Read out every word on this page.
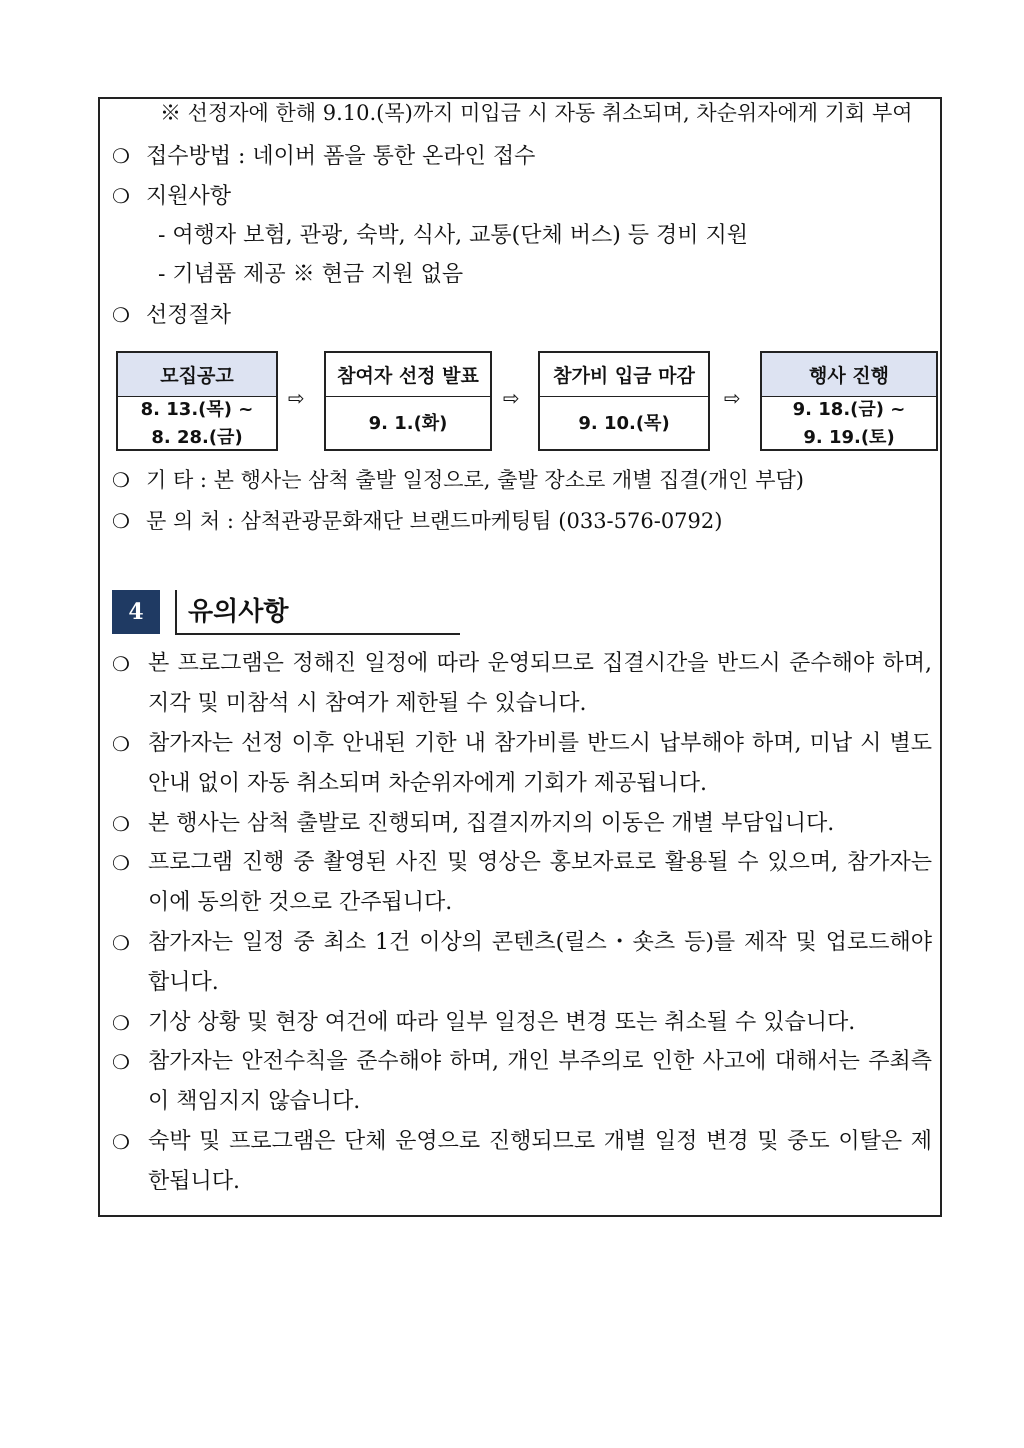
※ 선정자에 한해 9.10.(목)까지 미입금 시 자동 취소되며, 차순위자에게 기회 부여
❍ 접수방법 : 네이버 폼을 통한 온라인 접수
❍ 지원사항
- 여행자 보험, 관광, 숙박, 식사, 교통(단체 버스) 등 경비 지원
- 기념품 제공 ※ 현금 지원 없음
❍ 선정절차
모집공고
8. 13.(목) ~
8. 28.(금)
⇨
참여자 선정 발표
9. 1.(화)
⇨
참가비 입금 마감
9. 10.(목)
⇨
행사 진행
9. 18.(금) ~
9. 19.(토)
❍ 기 타 : 본 행사는 삼척 출발 일정으로, 출발 장소로 개별 집결(개인 부담)
❍ 문 의 처 : 삼척관광문화재단 브랜드마케팅팀 (033-576-0792)
4	유의사항
❍ 본 프로그램은 정해진 일정에 따라 운영되므로 집결시간을 반드시 준수해야 하며, 지각 및 미참석 시 참여가 제한될 수 있습니다.
❍ 참가자는 선정 이후 안내된 기한 내 참가비를 반드시 납부해야 하며, 미납 시 별도 안내 없이 자동 취소되며 차순위자에게 기회가 제공됩니다.
❍ 본 행사는 삼척 출발로 진행되며, 집결지까지의 이동은 개별 부담입니다.
❍ 프로그램 진행 중 촬영된 사진 및 영상은 홍보자료로 활용될 수 있으며, 참가자는 이에 동의한 것으로 간주됩니다.
❍ 참가자는 일정 중 최소 1건 이상의 콘텐츠(릴스・숏츠 등)를 제작 및 업로드해야 합니다.
❍ 기상 상황 및 현장 여건에 따라 일부 일정은 변경 또는 취소될 수 있습니다.
❍ 참가자는 안전수칙을 준수해야 하며, 개인 부주의로 인한 사고에 대해서는 주최측이 책임지지 않습니다.
❍ 숙박 및 프로그램은 단체 운영으로 진행되므로 개별 일정 변경 및 중도 이탈은 제한됩니다.
